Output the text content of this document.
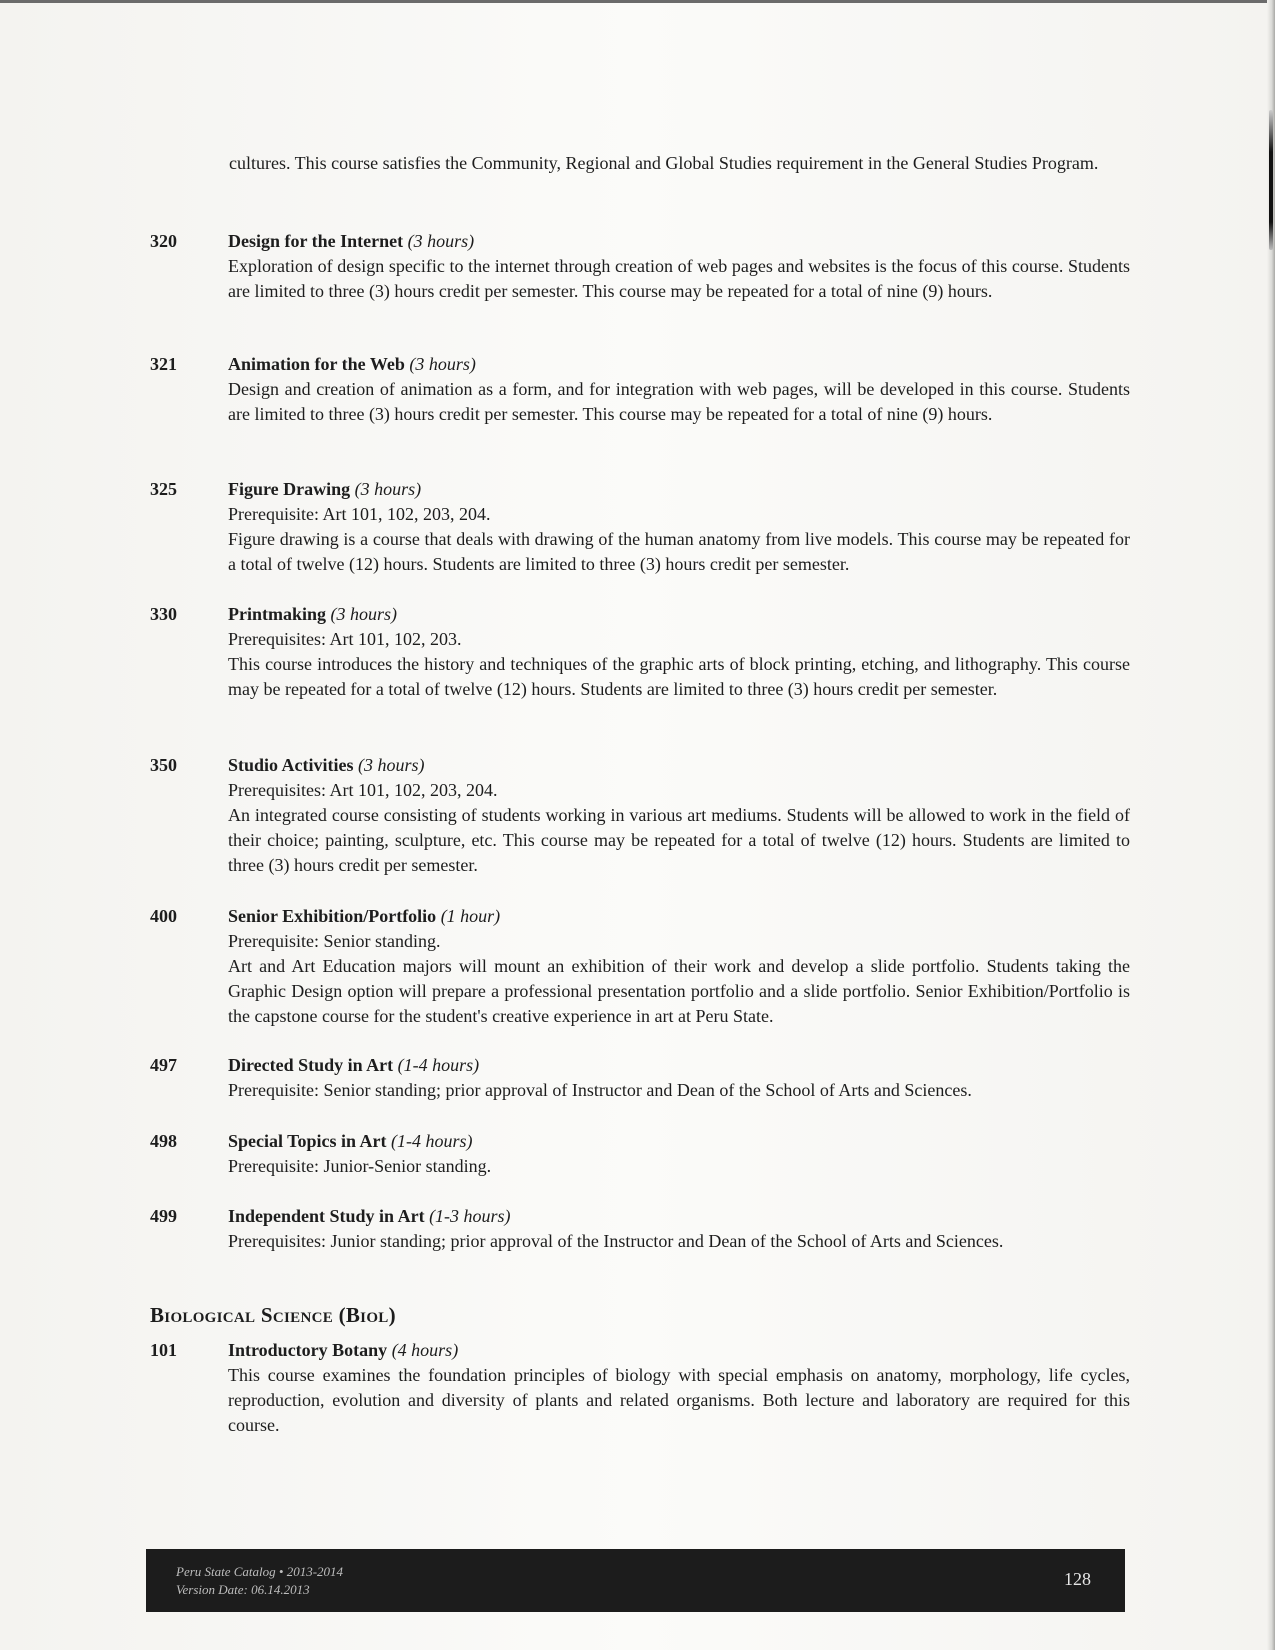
cultures. This course satisfies the Community, Regional and Global Studies requirement in the General Studies Program.
320	Design for the Internet (3 hours)
Exploration of design specific to the internet through creation of web pages and websites is the focus of this course. Students are limited to three (3) hours credit per semester. This course may be repeated for a total of nine (9) hours.
321	Animation for the Web (3 hours)
Design and creation of animation as a form, and for integration with web pages, will be developed in this course. Students are limited to three (3) hours credit per semester. This course may be repeated for a total of nine (9) hours.
325	Figure Drawing (3 hours)
Prerequisite: Art 101, 102, 203, 204.
Figure drawing is a course that deals with drawing of the human anatomy from live models. This course may be repeated for a total of twelve (12) hours. Students are limited to three (3) hours credit per semester.
330	Printmaking (3 hours)
Prerequisites: Art 101, 102, 203.
This course introduces the history and techniques of the graphic arts of block printing, etching, and lithography. This course may be repeated for a total of twelve (12) hours. Students are limited to three (3) hours credit per semester.
350	Studio Activities (3 hours)
Prerequisites: Art 101, 102, 203, 204.
An integrated course consisting of students working in various art mediums. Students will be allowed to work in the field of their choice; painting, sculpture, etc. This course may be repeated for a total of twelve (12) hours. Students are limited to three (3) hours credit per semester.
400	Senior Exhibition/Portfolio (1 hour)
Prerequisite: Senior standing.
Art and Art Education majors will mount an exhibition of their work and develop a slide portfolio. Students taking the Graphic Design option will prepare a professional presentation portfolio and a slide portfolio. Senior Exhibition/Portfolio is the capstone course for the student's creative experience in art at Peru State.
497	Directed Study in Art (1-4 hours)
Prerequisite: Senior standing; prior approval of Instructor and Dean of the School of Arts and Sciences.
498	Special Topics in Art (1-4 hours)
Prerequisite: Junior-Senior standing.
499	Independent Study in Art (1-3 hours)
Prerequisites: Junior standing; prior approval of the Instructor and Dean of the School of Arts and Sciences.
Biological Science (Biol)
101	Introductory Botany (4 hours)
This course examines the foundation principles of biology with special emphasis on anatomy, morphology, life cycles, reproduction, evolution and diversity of plants and related organisms. Both lecture and laboratory are required for this course.
Peru State Catalog • 2013-2014
Version Date: 06.14.2013
128
